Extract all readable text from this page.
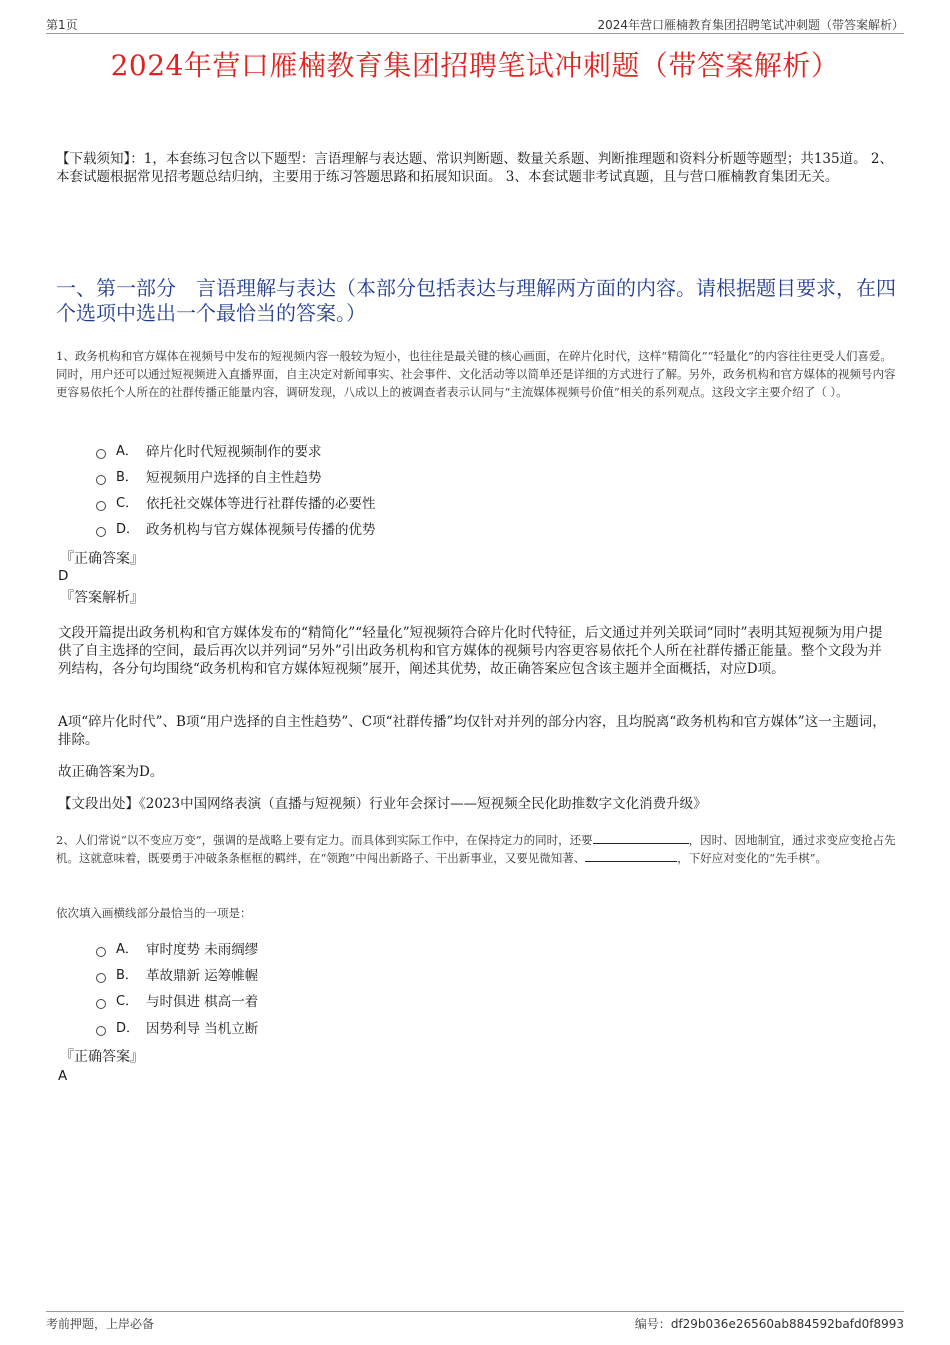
第1页	2024年营口雁楠教育集团招聘笔试冲刺题（带答案解析）
2024年营口雁楠教育集团招聘笔试冲刺题（带答案解析）
【下载须知】：1，本套练习包含以下题型：言语理解与表达题、常识判断题、数量关系题、判断推理题和资料分析题等题型；共135道。 2、本套试题根据常见招考题总结归纳，主要用于练习答题思路和拓展知识面。 3、本套试题非考试真题，且与营口雁楠教育集团无关。
一、第一部分　言语理解与表达（本部分包括表达与理解两方面的内容。请根据题目要求，在四个选项中选出一个最恰当的答案。）
1、政务机构和官方媒体在视频号中发布的短视频内容一般较为短小，也往往是最关键的核心画面，在碎片化时代，这样“精简化”“轻量化”的内容往往更受人们喜爱。同时，用户还可以通过短视频进入直播界面，自主决定对新闻事实、社会事件、文化活动等以简单还是详细的方式进行了解。另外，政务机构和官方媒体的视频号内容更容易依托个人所在的社群传播正能量内容，调研发现，八成以上的被调查者表示认同与“主流媒体视频号价值”相关的系列观点。这段文字主要介绍了（ ）。
A． 碎片化时代短视频制作的要求
B． 短视频用户选择的自主性趋势
C． 依托社交媒体等进行社群传播的必要性
D． 政务机构与官方媒体视频号传播的优势
『正确答案』
D
『答案解析』
文段开篇提出政务机构和官方媒体发布的“精简化”“轻量化”短视频符合碎片化时代特征，后文通过并列关联词“同时”表明其短视频为用户提供了自主选择的空间，最后再次以并列词“另外”引出政务机构和官方媒体的视频号内容更容易依托个人所在社群传播正能量。整个文段为并列结构，各分句均围绕“政务机构和官方媒体短视频”展开，阐述其优势，故正确答案应包含该主题并全面概括，对应D项。
A项“碎片化时代”、B项“用户选择的自主性趋势”、C项“社群传播”均仅针对并列的部分内容，且均脱离“政务机构和官方媒体”这一主题词，排除。
故正确答案为D。
【文段出处】《2023中国网络表演（直播与短视频）行业年会探讨——短视频全民化助推数字文化消费升级》
2、人们常说“以不变应万变”，强调的是战略上要有定力。而具体到实际工作中，在保持定力的同时，还要	，因时、因地制宜，通过求变应变抢占先机。这就意味着，既要勇于冲破条条框框的羁绊，在“领跑”中闯出新路子、干出新事业，又要见微知著、	，下好应对变化的“先手棋”。
依次填入画横线部分最恰当的一项是：
A． 审时度势 未雨绸缪
B． 革故鼎新 运筹帷幄
C． 与时俱进 棋高一着
D． 因势利导 当机立断
『正确答案』
A
考前押题，上岸必备	编号：df29b036e26560ab884592bafd0f8993
